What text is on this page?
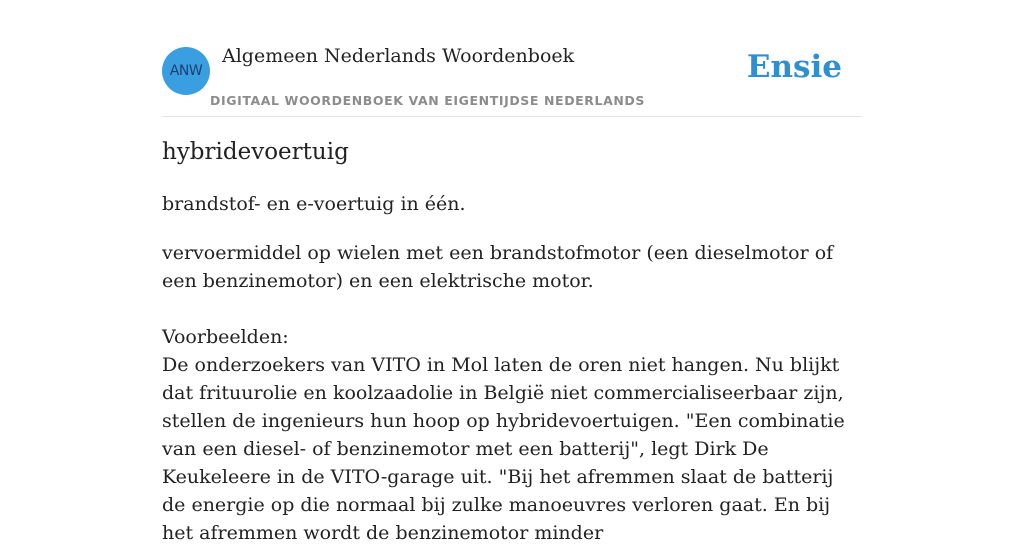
ANW
Algemeen Nederlands Woordenboek
DIGITAAL WOORDENBOEK VAN EIGENTIJDSE NEDERLANDS
Ensie
hybridevoertuig
brandstof- en e-voertuig in één.
vervoermiddel op wielen met een brandstofmotor (een dieselmotor of een benzinemotor) en een elektrische motor.
Voorbeelden:
De onderzoekers van VITO in Mol laten de oren niet hangen. Nu blijkt dat frituurolie en koolzaadolie in België niet commercialiseerbaar zijn, stellen de ingenieurs hun hoop op hybridevoertuigen. "Een combinatie van een diesel- of benzinemotor met een batterij", legt Dirk De Keukeleere in de VITO-garage uit. "Bij het afremmen slaat de batterij de energie op die normaal bij zulke manoeuvres verloren gaat. En bij het afremmen wordt de benzinemotor minder
